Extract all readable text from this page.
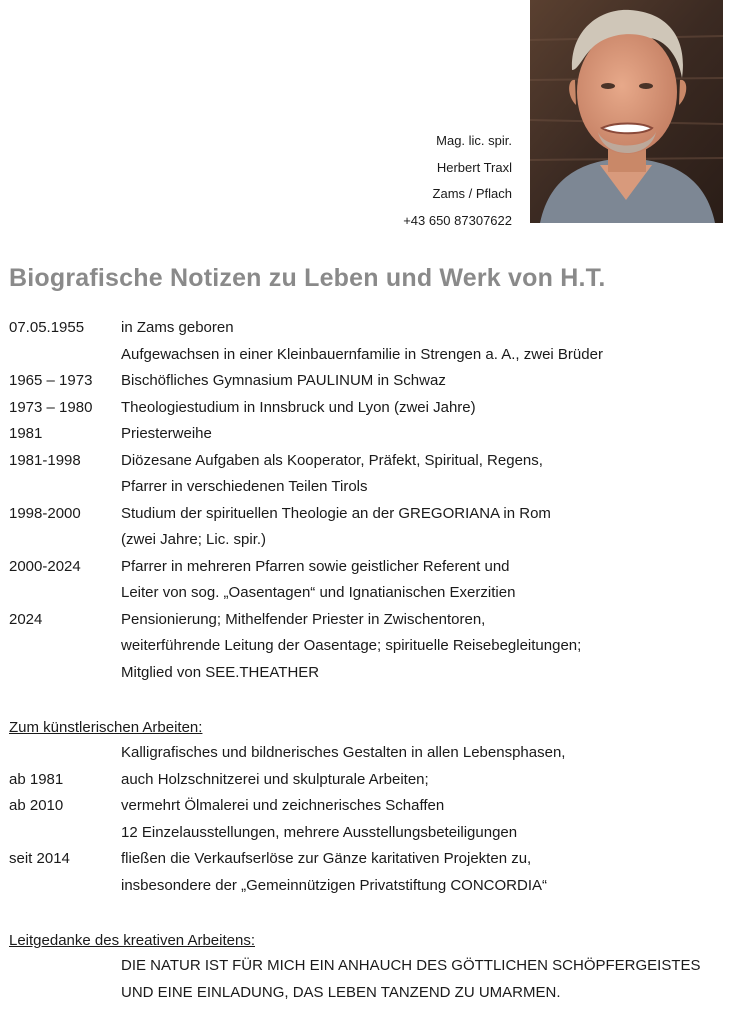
Mag. lic. spir.
Herbert Traxl
Zams / Pflach
+43 650 87307622
Biografische Notizen zu Leben und Werk von H.T.
07.05.1955 in Zams geboren
Aufgewachsen in einer Kleinbauernfamilie in Strengen a. A., zwei Brüder
1965 – 1973 Bischöfliches Gymnasium PAULINUM in Schwaz
1973 – 1980 Theologiestudium in Innsbruck und Lyon (zwei Jahre)
1981	Priesterweihe
1981-1998	Diözesane Aufgaben als Kooperator, Präfekt, Spiritual, Regens,
Pfarrer in verschiedenen Teilen Tirols
1998-2000	Studium der spirituellen Theologie an der GREGORIANA in Rom
(zwei Jahre; Lic. spir.)
2000-2024	Pfarrer in mehreren Pfarren sowie geistlicher Referent und
Leiter von sog. „Oasentagen“ und Ignatianischen Exerzitien
2024	Pensionierung; Mithelfender Priester in Zwischentoren,
weiterführende Leitung der Oasentage; spirituelle Reisebegleitungen;
Mitglied von SEE.THEATHER
Zum künstlerischen Arbeiten:
Kalligrafisches und bildnerisches Gestalten in allen Lebensphasen,
ab 1981	auch Holzschnitzerei und skulpturale Arbeiten;
ab 2010	vermehrt Ölmalerei und zeichnerisches Schaffen
12 Einzelausstellungen, mehrere Ausstellungsbeteiligungen
seit 2014	fließen die Verkaufserlöse zur Gänze karitativen Projekten zu,
insbesondere der „Gemeinnützigen Privatstiftung CONCORDIA“
Leitgedanke des kreativen Arbeitens:
DIE NATUR IST FÜR MICH EIN ANHAUCH DES GÖTTLICHEN SCHÖPFERGEISTES
UND EINE EINLADUNG, DAS LEBEN TANZEND ZU UMARMEN.
